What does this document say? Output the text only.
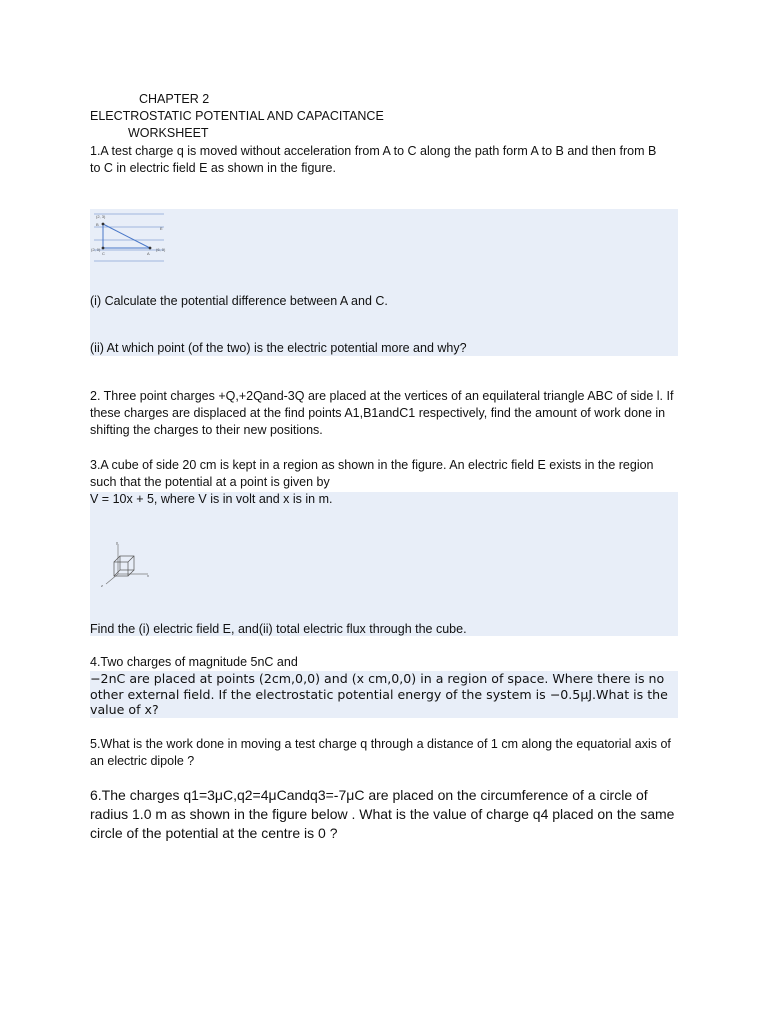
CHAPTER 2
ELECTROSTATIC POTENTIAL AND CAPACITANCE
WORKSHEET
1.A test charge q is moved without acceleration from A to C along the path form A to B and then from B
to C in electric field E as shown in the figure.
(2, 3)
B
E
(2, 0)
C	A
(6, 0)
(i) Calculate the potential difference between A and C.
(ii) At which point (of the two) is the electric potential more and why?
2. Three point charges +Q,+2Qand-3Q are placed at the vertices of an equilateral triangle ABC of side l. If
these charges are displaced at the find points A1,B1andC1 respectively, find the amount of work done in
shifting the charges to their new positions.
3.A cube of side 20 cm is kept in a region as shown in the figure. An electric field E exists in the region
such that the potential at a point is given by
V = 10x + 5, where V is in volt and x is in m.
y
x
z
Find the (i) electric field E, and(ii) total electric flux through the cube.
4.Two charges of magnitude 5nC and
−2nC are placed at points (2cm,0,0) and (x cm,0,0) in a region of space. Where there is no
other external field. If the electrostatic potential energy of the system is −0.5μJ.What is the
value of x?
5.What is the work done in moving a test charge q through a distance of 1 cm along the equatorial axis of
an electric dipole ?
6.The charges q1=3μC,q2=4μCandq3=-7μC are placed on the circumference of a circle of
radius 1.0 m as shown in the figure below . What is the value of charge q4 placed on the same
circle of the potential at the centre is 0 ?
